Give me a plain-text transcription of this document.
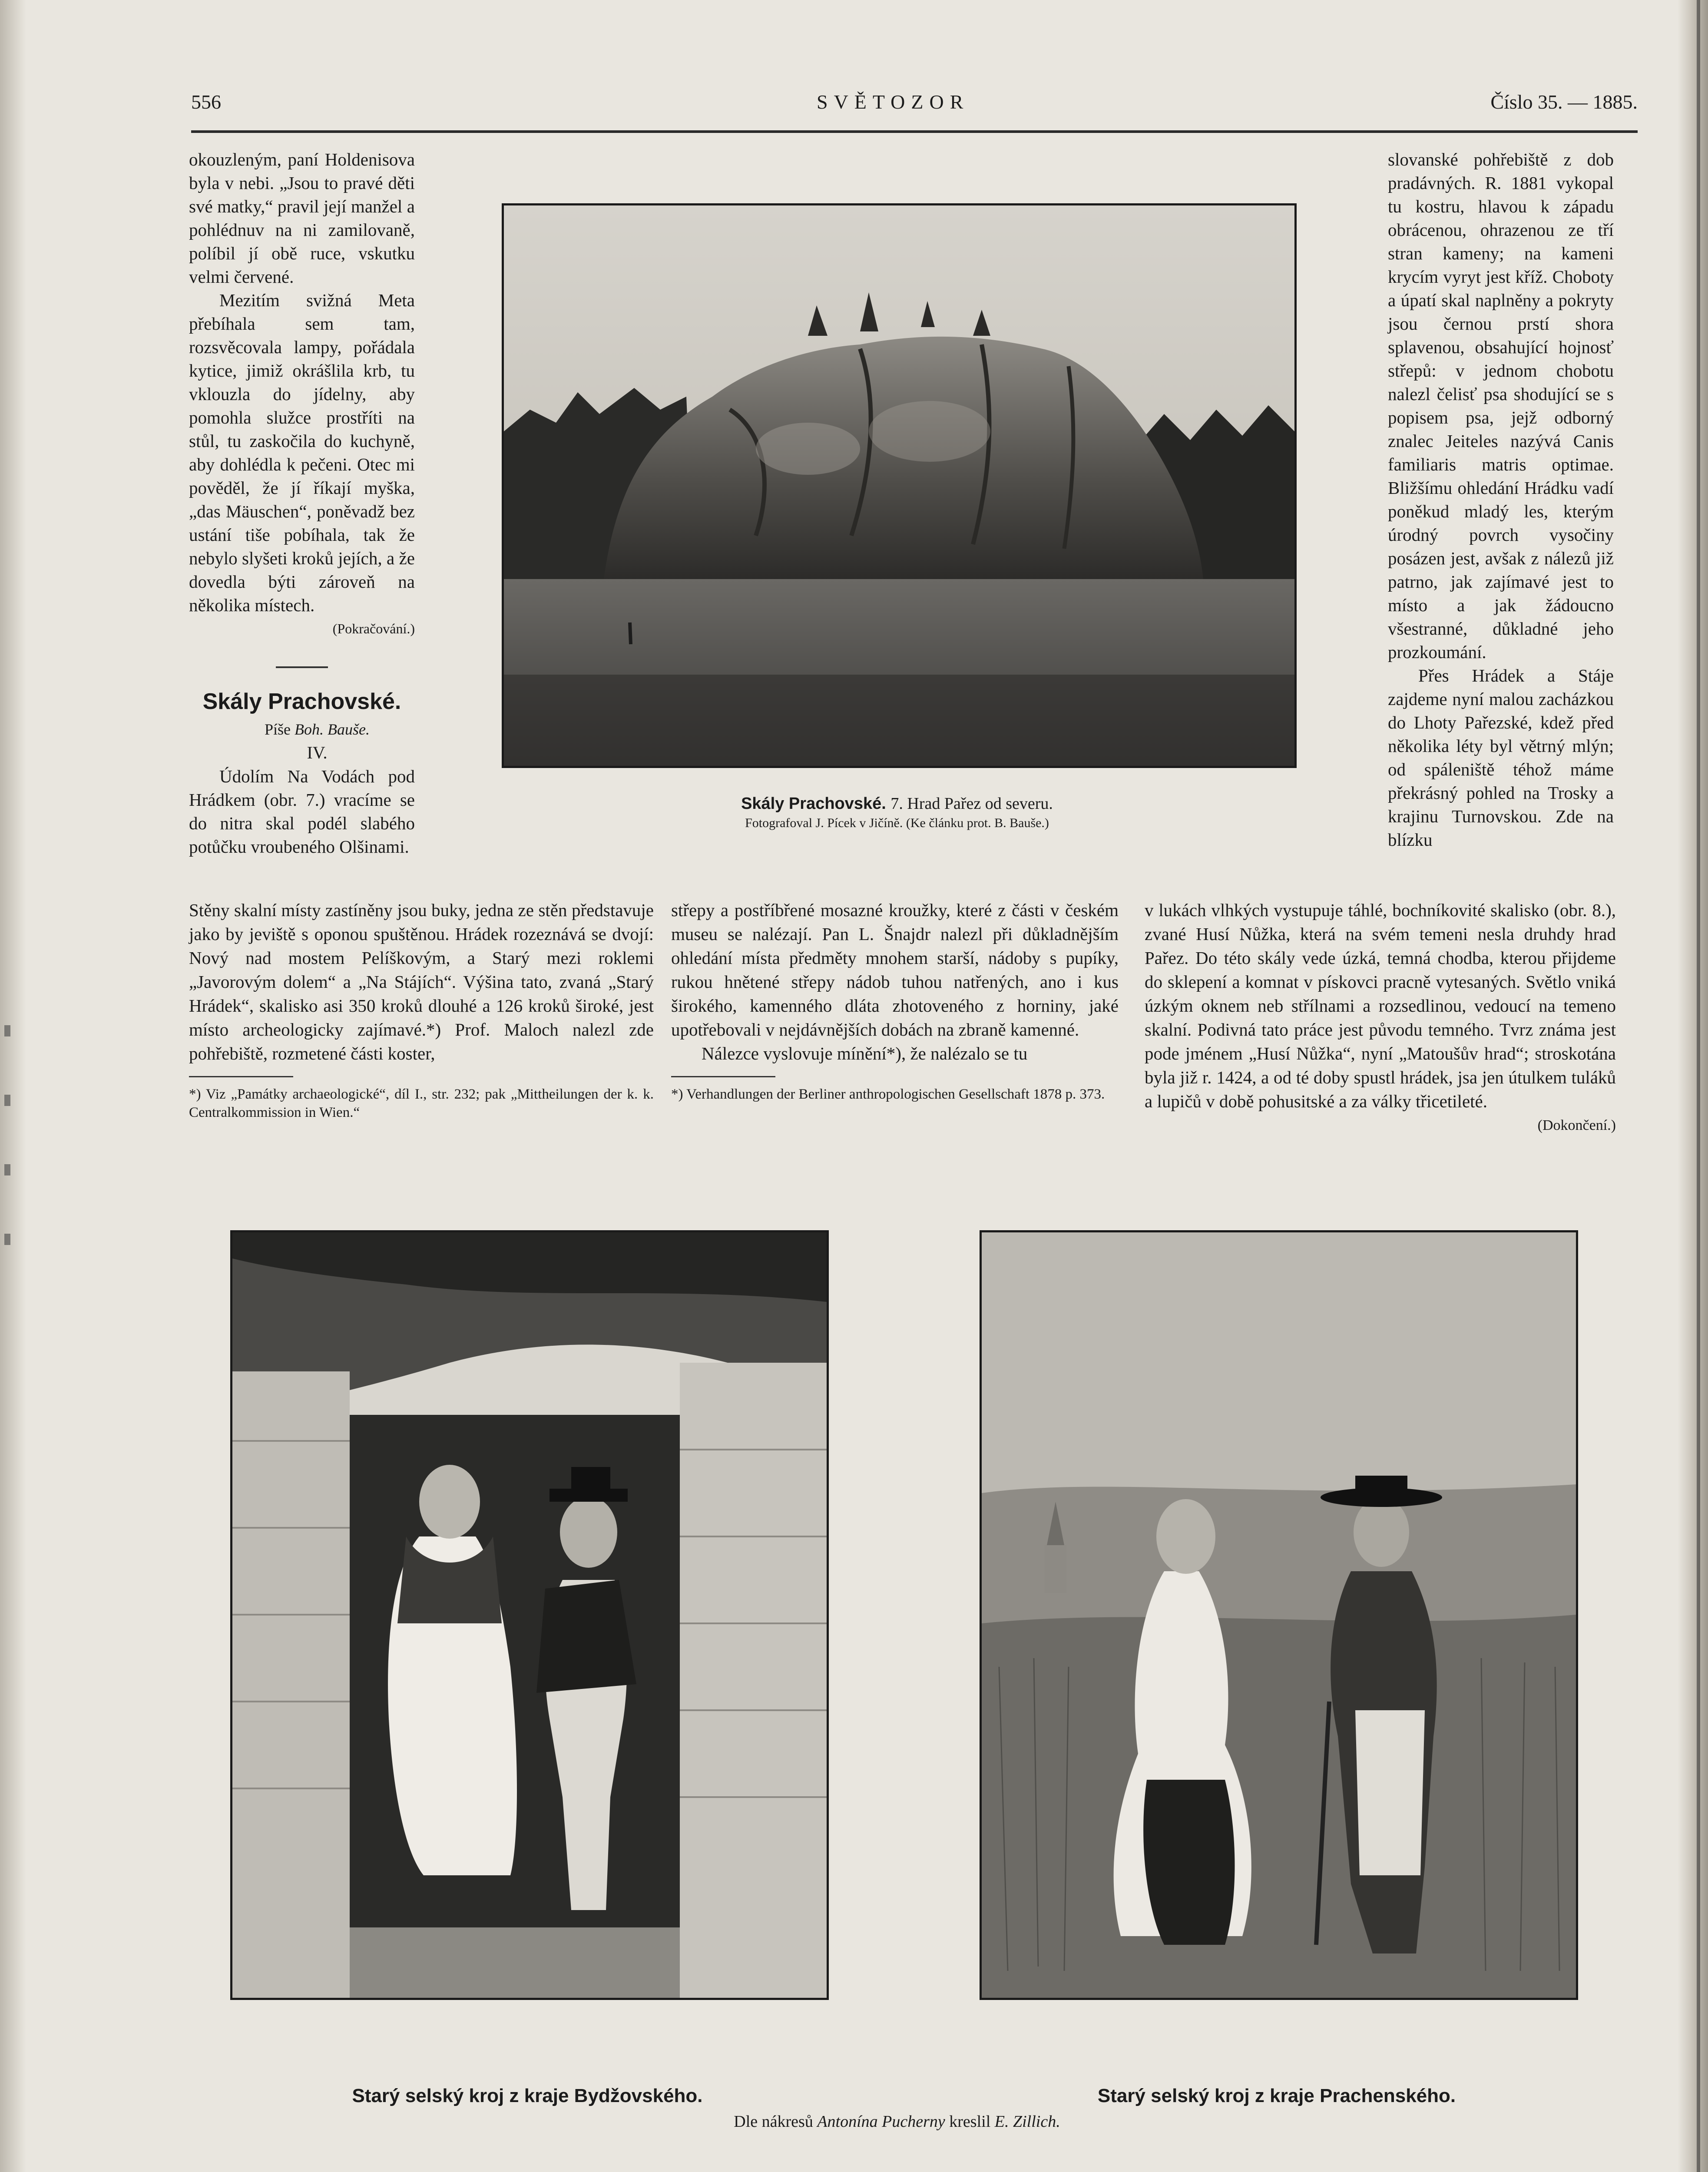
556	SVĚTOZOR	Číslo 35. — 1885.

okouzleným, paní Holdenisova byla v nebi. „Jsou to pravé děti své matky,“ pravil její manžel a pohlédnuv na ni zamilovaně, políbil jí obě ruce, vskutku velmi červené.

Mezitím svižná Meta přebíhala sem tam, rozsvěcovala lampy, pořádala kytice, jimiž okrášlila krb, tu vklouzla do jídelny, aby pomohla služce prostříti na stůl, tu zaskočila do kuchyně, aby dohlédla k pečeni. Otec mi pověděl, že jí říkají myška, „das Mäuschen“, poněvadž bez ustání tiše pobíhala, tak že nebylo slyšeti kroků jejích, a že dovedla býti zároveň na několika místech.

(Pokračování.)
Skály Prachovské.

Píše Boh. Bauše.

IV.

Údolím Na Vodách pod Hrádkem (obr. 7.) vracíme se do nitra skal podél slabého potůčku vroubeného Olšinami.

Skály Prachovské. 7. Hrad Pařez od severu.
Fotografoval J. Pícek v Jičíně. (Ke článku prot. B. Bauše.)

slovanské pohřebiště z dob pradávných. R. 1881 vykopal tu kostru, hlavou k západu obrácenou, ohrazenou ze tří stran kameny; na kameni krycím vyryt jest kříž. Choboty a úpatí skal naplněny a pokryty jsou černou prstí shora splavenou, obsahující hojnosť střepů: v jednom chobotu nalezl čelisť psa shodující se s popisem psa, jejž odborný znalec Jeiteles nazývá Canis familiaris matris optimae. Bližšímu ohledání Hrádku vadí poněkud mladý les, kterým úrodný povrch vysočiny posázen jest, avšak z nálezů již patrno, jak zajímavé jest to místo a jak žádoucno všestranné, důkladné jeho prozkoumání.

Přes Hrádek a Stáje zajdeme nyní malou zacházkou do Lhoty Pařezské, kdež před několika léty byl větrný mlýn; od spáleniště téhož máme překrásný pohled na Trosky a krajinu Turnovskou. Zde na blízku

Stěny skalní místy zastíněny jsou buky, jedna ze stěn představuje jako by jeviště s oponou spuštěnou. Hrádek rozeznává se dvojí: Nový nad mostem Pelíškovým, a Starý mezi roklemi „Javorovým dolem“ a „Na Stájích“. Výšina tato, zvaná „Starý Hrádek“, skalisko asi 350 kroků dlouhé a 126 kroků široké, jest místo archeologicky zajímavé.*) Prof. Maloch nalezl zde pohřebiště, rozmetené části koster,

*) Viz „Památky archaeologické“, díl I., str. 232; pak „Mittheilungen der k. k. Centralkommission in Wien.“

střepy a postříbřené mosazné kroužky, které z části v českém museu se nalézají. Pan L. Šnajdr nalezl při důkladnějším ohledání místa předměty mnohem starší, nádoby s pupíky, rukou hnětené střepy nádob tuhou natřených, ano i kus širokého, kamenného dláta zhotoveného z horniny, jaké upotřebovali v nejdávnějších dobách na zbraně kamenné.

Nálezce vyslovuje mínění*), že nalézalo se tu

*) Verhandlungen der Berliner anthropologischen Gesellschaft 1878 p. 373.

v lukách vlhkých vystupuje táhlé, bochníkovité skalisko (obr. 8.), zvané Husí Nůžka, která na svém temeni nesla druhdy hrad Pařez. Do této skály vede úzká, temná chodba, kterou přijdeme do sklepení a komnat v pískovci pracně vytesaných. Světlo vniká úzkým oknem neb střílnami a rozsedlinou, vedoucí na temeno skalní. Podivná tato práce jest původu temného. Tvrz známa jest pode jménem „Husí Nůžka“, nyní „Matoušův hrad“; stroskotána byla již r. 1424, a od té doby spustl hrádek, jsa jen útulkem tuláků a lupičů v době pohusitské a za války třicetileté.

(Dokončení.)
Starý selský kroj z kraje Bydžovského.	Starý selský kroj z kraje Prachenského.
Dle nákresů Antonína Pucherny kreslil E. Zillich.
